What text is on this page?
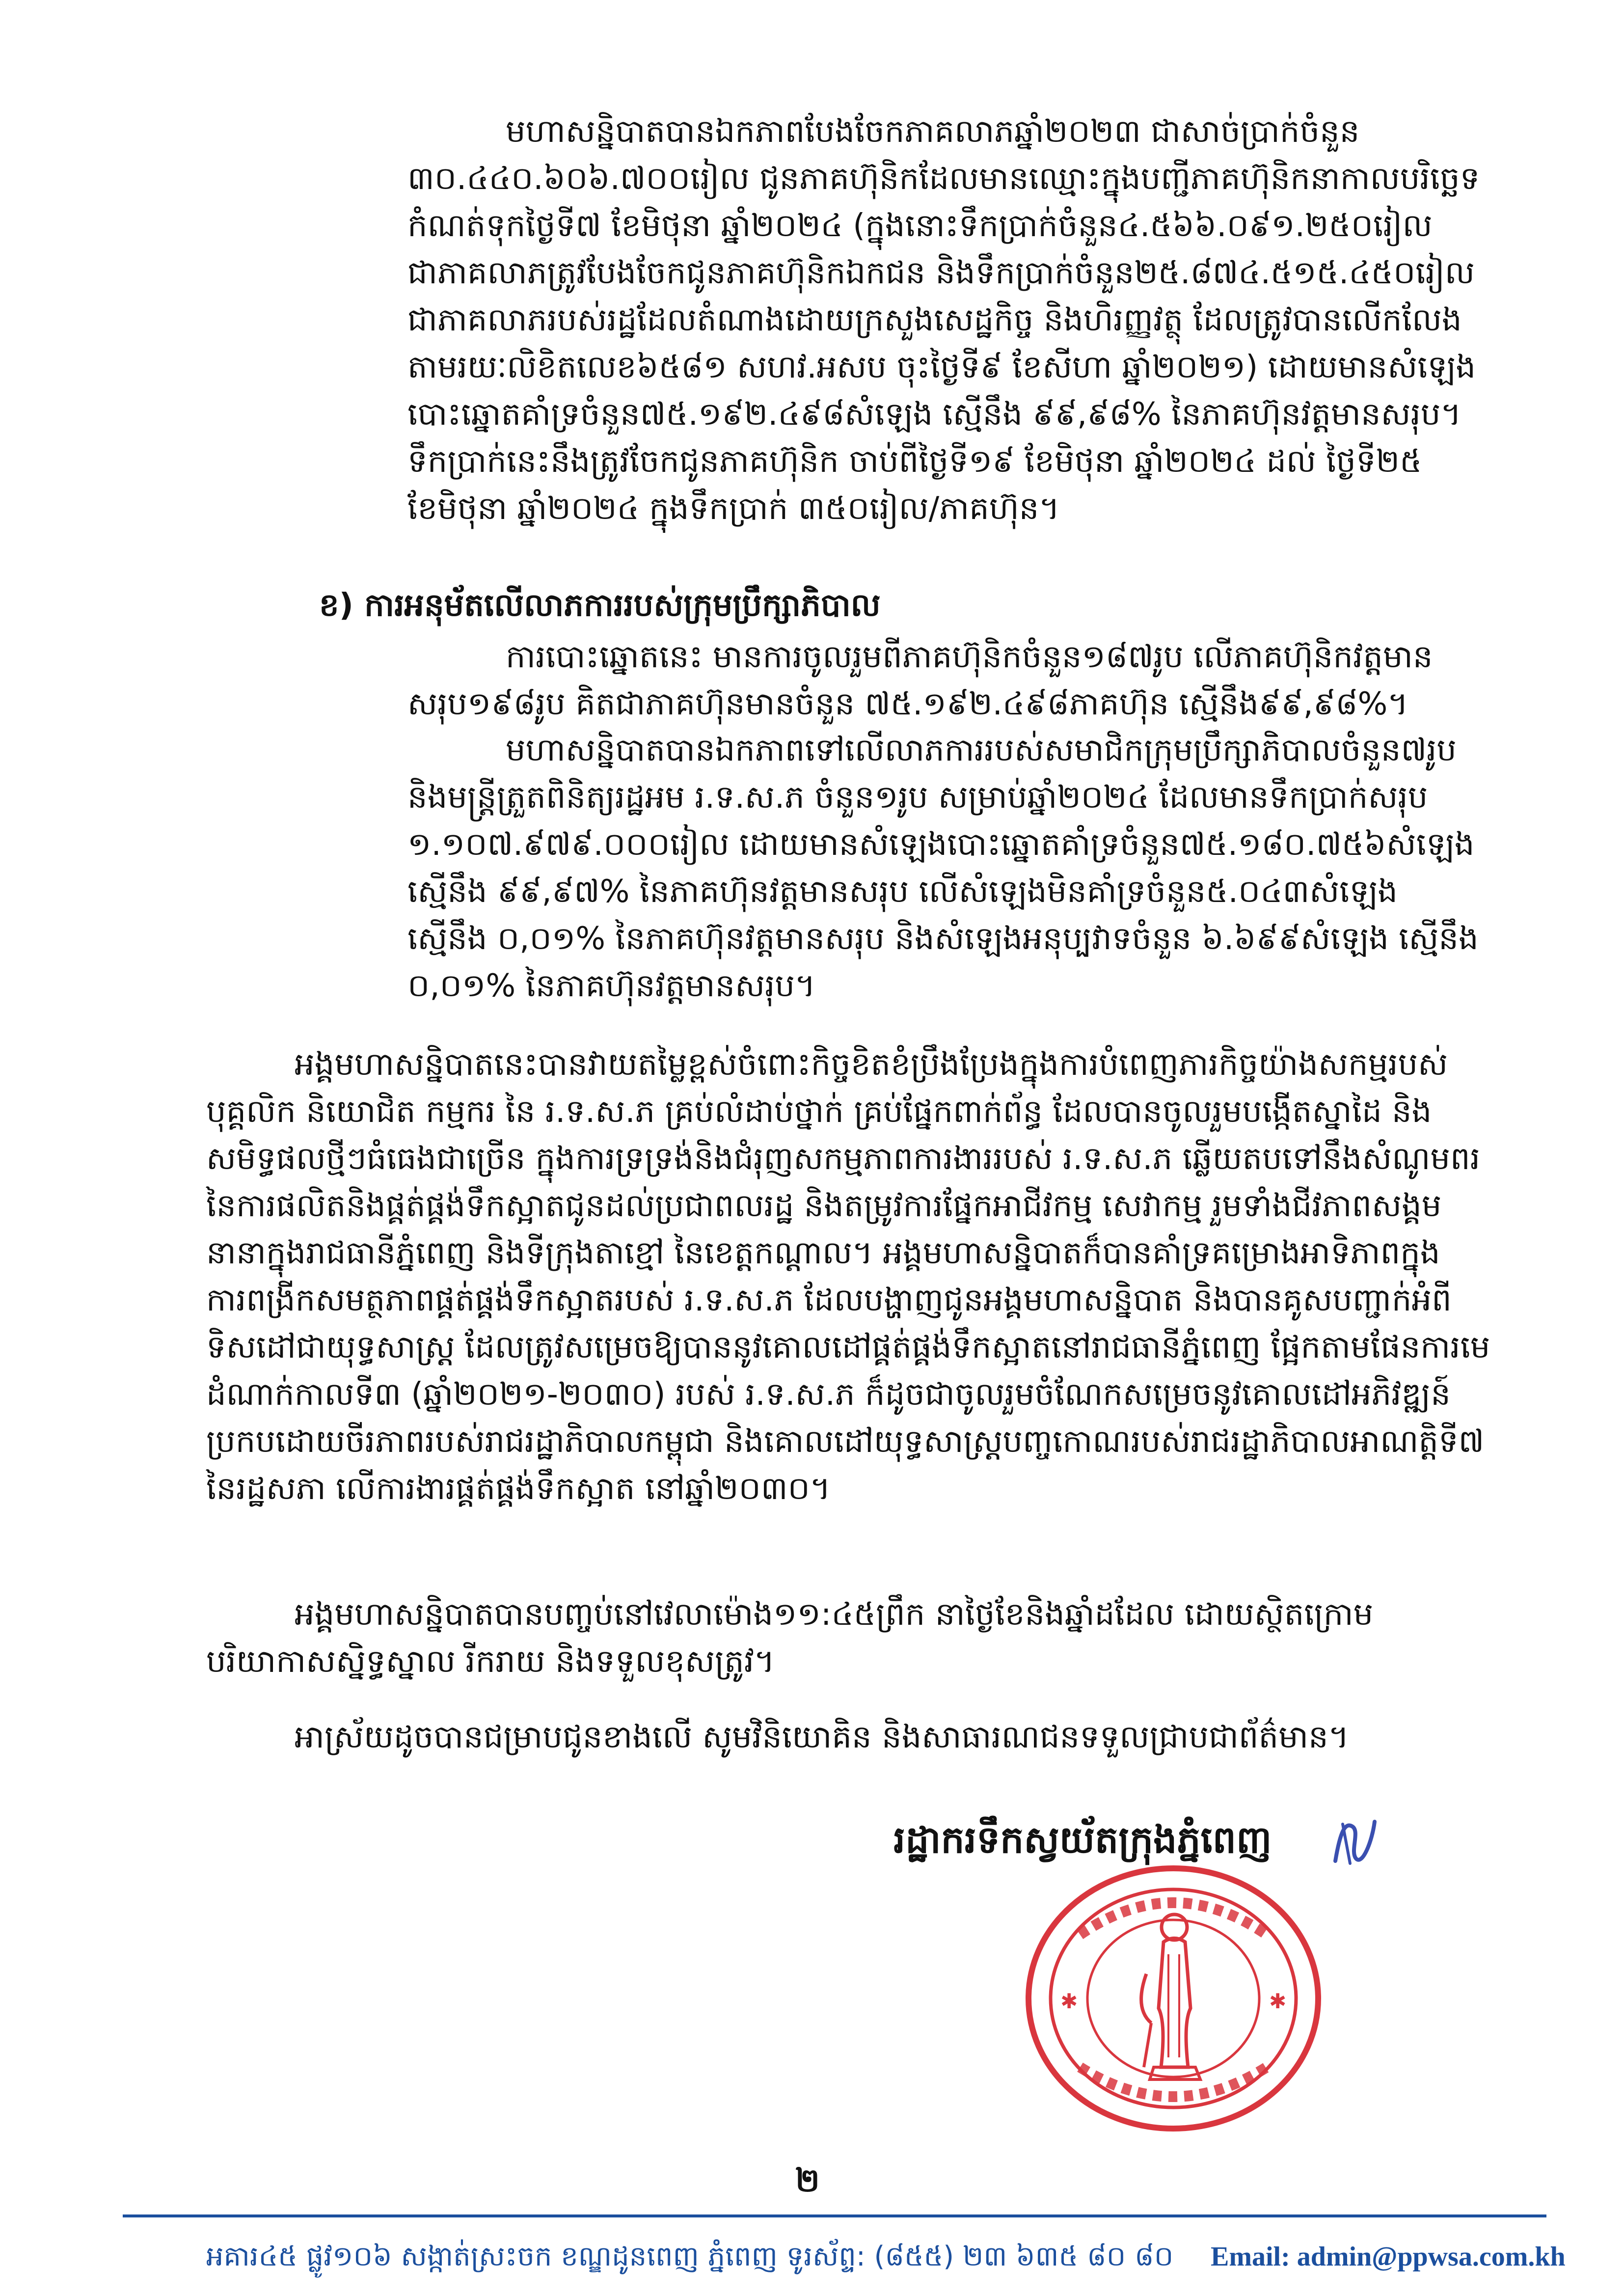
មហាសន្និបាតបានឯកភាពបែងចែកភាគលាភឆ្នាំ២០២៣ ជាសាច់ប្រាក់ចំនួន
៣០.៤៤០.៦០៦.៧០០រៀល ជូនភាគហ៊ុនិកដែលមានឈ្មោះក្នុងបញ្ជីភាគហ៊ុនិកនាកាលបរិច្ឆេទ
កំណត់ទុកថ្ងៃទី៧ ខែមិថុនា ឆ្នាំ២០២៤ (ក្នុងនោះទឹកប្រាក់ចំនួន៤.៥៦៦.០៩១.២៥០រៀល
ជាភាគលាភត្រូវបែងចែកជូនភាគហ៊ុនិកឯកជន និងទឹកប្រាក់ចំនួន២៥.៨៧៤.៥១៥.៤៥០រៀល
ជាភាគលាភរបស់រដ្ឋដែលតំណាងដោយក្រសួងសេដ្ឋកិច្ច និងហិរញ្ញវត្ថុ ដែលត្រូវបានលើកលែង
តាមរយៈលិខិតលេខ៦៥៨១ សហវ.អសប ចុះថ្ងៃទី៩ ខែសីហា ឆ្នាំ២០២១) ដោយមានសំឡេង
បោះឆ្នោតគាំទ្រចំនួន៧៥.១៩២.៤៩៨សំឡេង ស្មើនឹង ៩៩,៩៨% នៃភាគហ៊ុនវត្តមានសរុប។
ទឹកប្រាក់នេះនឹងត្រូវចែកជូនភាគហ៊ុនិក ចាប់ពីថ្ងៃទី១៩ ខែមិថុនា ឆ្នាំ២០២៤ ដល់ ថ្ងៃទី២៥
ខែមិថុនា ឆ្នាំ២០២៤ ក្នុងទឹកប្រាក់ ៣៥០រៀល/ភាគហ៊ុន។
ខ) ការអនុម័តលើលាភការរបស់ក្រុមប្រឹក្សាភិបាល
ការបោះឆ្នោតនេះ មានការចូលរួមពីភាគហ៊ុនិកចំនួន១៨៧រូប លើភាគហ៊ុនិកវត្តមាន
សរុប១៩៨រូប គិតជាភាគហ៊ុនមានចំនួន ៧៥.១៩២.៤៩៨ភាគហ៊ុន ស្មើនឹង៩៩,៩៨%។
មហាសន្និបាតបានឯកភាពទៅលើលាភការរបស់សមាជិកក្រុមប្រឹក្សាភិបាលចំនួន៧រូប
និងមន្ត្រីត្រួតពិនិត្យរដ្ឋអម រ.ទ.ស.ភ ចំនួន១រូប សម្រាប់ឆ្នាំ២០២៤ ដែលមានទឹកប្រាក់សរុប
១.១០៧.៩៧៩.០០០រៀល ដោយមានសំឡេងបោះឆ្នោតគាំទ្រចំនួន៧៥.១៨០.៧៥៦សំឡេង
ស្មើនឹង ៩៩,៩៧% នៃភាគហ៊ុនវត្តមានសរុប លើសំឡេងមិនគាំទ្រចំនួន៥.០៤៣សំឡេង
ស្មើនឹង ០,០១% នៃភាគហ៊ុនវត្តមានសរុប និងសំឡេងអនុប្បវាទចំនួន ៦.៦៩៩សំឡេង ស្មើនឹង
០,០១% នៃភាគហ៊ុនវត្តមានសរុប។
អង្គមហាសន្និបាតនេះបានវាយតម្លៃខ្ពស់ចំពោះកិច្ចខិតខំប្រឹងប្រែងក្នុងការបំពេញភារកិច្ចយ៉ាងសកម្មរបស់
បុគ្គលិក និយោជិត កម្មករ នៃ រ.ទ.ស.ភ គ្រប់លំដាប់ថ្នាក់ គ្រប់ផ្នែកពាក់ព័ន្ធ ដែលបានចូលរួមបង្កើតស្នាដៃ និង
សមិទ្ធផលថ្មីៗធំធេងជាច្រើន ក្នុងការទ្រទ្រង់និងជំរុញសកម្មភាពការងាររបស់ រ.ទ.ស.ភ ឆ្លើយតបទៅនឹងសំណូមពរ
នៃការផលិតនិងផ្គត់ផ្គង់ទឹកស្អាតជូនដល់ប្រជាពលរដ្ឋ និងតម្រូវការផ្នែកអាជីវកម្ម សេវាកម្ម រួមទាំងជីវភាពសង្គម
នានាក្នុងរាជធានីភ្នំពេញ និងទីក្រុងតាខ្មៅ នៃខេត្តកណ្តាល។ អង្គមហាសន្និបាតក៏បានគាំទ្រគម្រោងអាទិភាពក្នុង
ការពង្រីកសមត្ថភាពផ្គត់ផ្គង់ទឹកស្អាតរបស់ រ.ទ.ស.ភ ដែលបង្ហាញជូនអង្គមហាសន្និបាត និងបានគូសបញ្ជាក់អំពី
ទិសដៅជាយុទ្ធសាស្ត្រ ដែលត្រូវសម្រេចឱ្យបាននូវគោលដៅផ្គត់ផ្គង់ទឹកស្អាតនៅរាជធានីភ្នំពេញ ផ្អែកតាមផែនការមេ
ដំណាក់កាលទី៣ (ឆ្នាំ២០២១-២០៣០) របស់ រ.ទ.ស.ភ ក៏ដូចជាចូលរួមចំណែកសម្រេចនូវគោលដៅអភិវឌ្ឍន៍
ប្រកបដោយចីរភាពរបស់រាជរដ្ឋាភិបាលកម្ពុជា និងគោលដៅយុទ្ធសាស្ត្របញ្ចកោណរបស់រាជរដ្ឋាភិបាលអាណត្តិទី៧
នៃរដ្ឋសភា លើការងារផ្គត់ផ្គង់ទឹកស្អាត នៅឆ្នាំ២០៣០។
អង្គមហាសន្និបាតបានបញ្ចប់នៅវេលាម៉ោង១១:៤៥ព្រឹក នាថ្ងៃខែនិងឆ្នាំដដែល ដោយស្ថិតក្រោម
បរិយាកាសស្និទ្ធស្នាល រីករាយ និងទទួលខុសត្រូវ។
អាស្រ័យដូចបានជម្រាបជូនខាងលើ សូមវិនិយោគិន និងសាធារណជនទទួលជ្រាបជាព័ត៌មាន។
រដ្ឋាករទឹកស្វយ័តក្រុងភ្នំពេញ
✱	✱
២
អគារ៤៥ ផ្លូវ១០៦ សង្កាត់ស្រះចក ខណ្ឌដូនពេញ ភ្នំពេញ ទូរស័ព្ទ: (៨៥៥) ២៣ ៦៣៥ ៨០ ៨០ Email: admin@ppwsa.com.kh
